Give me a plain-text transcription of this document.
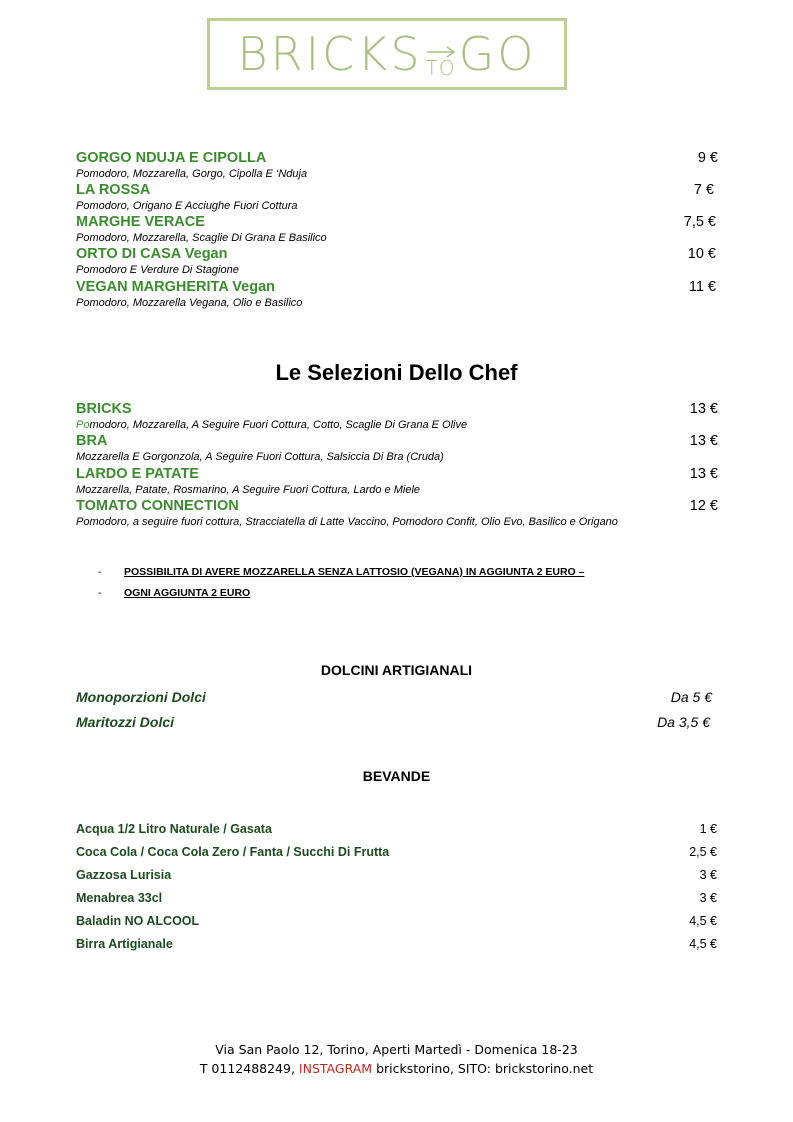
BRICKS TO GO
GORGO NDUJA E CIPOLLA
Pomodoro, Mozzarella, Gorgo, Cipolla E ‘Nduja
9 €
LA ROSSA
Pomodoro, Origano E Acciughe Fuori Cottura
7 €
MARGHE VERACE
Pomodoro, Mozzarella, Scaglie Di Grana E Basilico
7,5 €
ORTO DI CASA Vegan
Pomodoro E Verdure Di Stagione
10 €
VEGAN MARGHERITA Vegan
Pomodoro, Mozzarella Vegana, Olio e Basilico
11 €
Le Selezioni Dello Chef
BRICKS
Pomodoro, Mozzarella, A Seguire Fuori Cottura, Cotto, Scaglie Di Grana E Olive
13 €
BRA
Mozzarella E Gorgonzola, A Seguire Fuori Cottura, Salsiccia Di Bra (Cruda)
13 €
LARDO E PATATE
Mozzarella, Patate, Rosmarino, A Seguire Fuori Cottura, Lardo e Miele
13 €
TOMATO CONNECTION
Pomodoro, a seguire fuori cottura, Stracciatella di Latte Vaccino, Pomodoro Confit, Olio Evo, Basilico e Origano
12 €
-	POSSIBILITA DI AVERE MOZZARELLA SENZA LATTOSIO (VEGANA) IN AGGIUNTA 2 EURO –
-	OGNI AGGIUNTA 2 EURO
DOLCINI ARTIGIANALI
Monoporzioni Dolci	Da 5 €
Maritozzi Dolci	Da 3,5 €
BEVANDE
Acqua 1/2 Litro Naturale / Gasata	1 €
Coca Cola / Coca Cola Zero / Fanta / Succhi Di Frutta	2,5 €
Gazzosa Lurisia	3 €
Menabrea 33cl	3 €
Baladin NO ALCOOL	4,5 €
Birra Artigianale	4,5 €
Via San Paolo 12, Torino, Aperti Martedì - Domenica 18-23
T 0112488249, INSTAGRAM brickstorino, SITO: brickstorino.net
